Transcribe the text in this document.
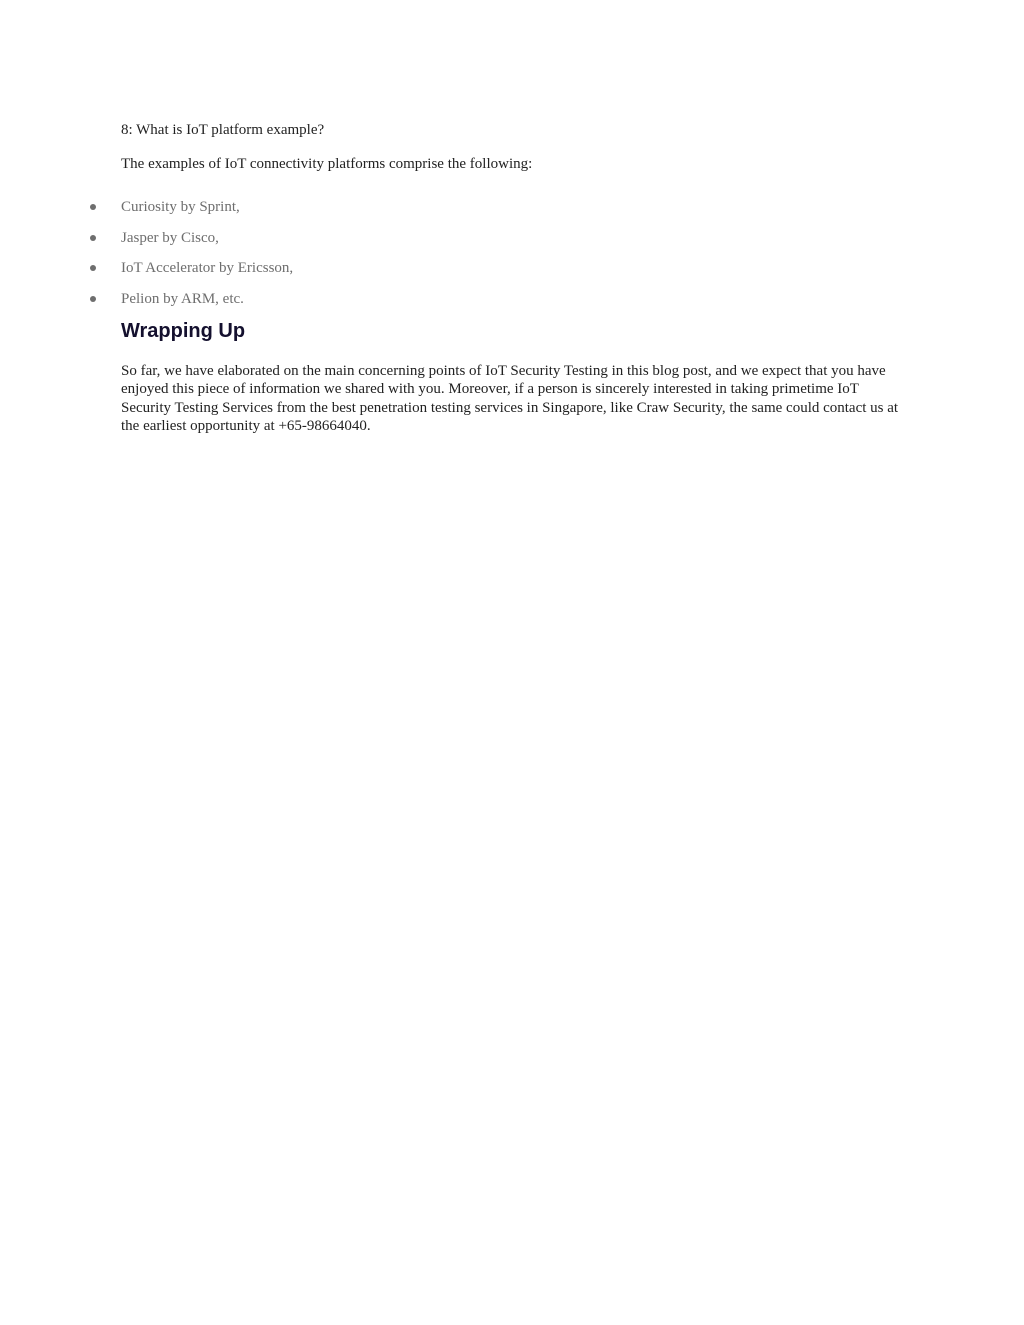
8: What is IoT platform example?

The examples of IoT connectivity platforms comprise the following:

Curiosity by Sprint,
Jasper by Cisco,
IoT Accelerator by Ericsson,
Pelion by ARM, etc.
Wrapping Up

So far, we have elaborated on the main concerning points of IoT Security Testing in this blog post, and we expect that you have enjoyed this piece of information we shared with you. Moreover, if a person is sincerely interested in taking primetime IoT Security Testing Services from the best penetration testing services in Singapore, like Craw Security, the same could contact us at the earliest opportunity at +65-98664040.
